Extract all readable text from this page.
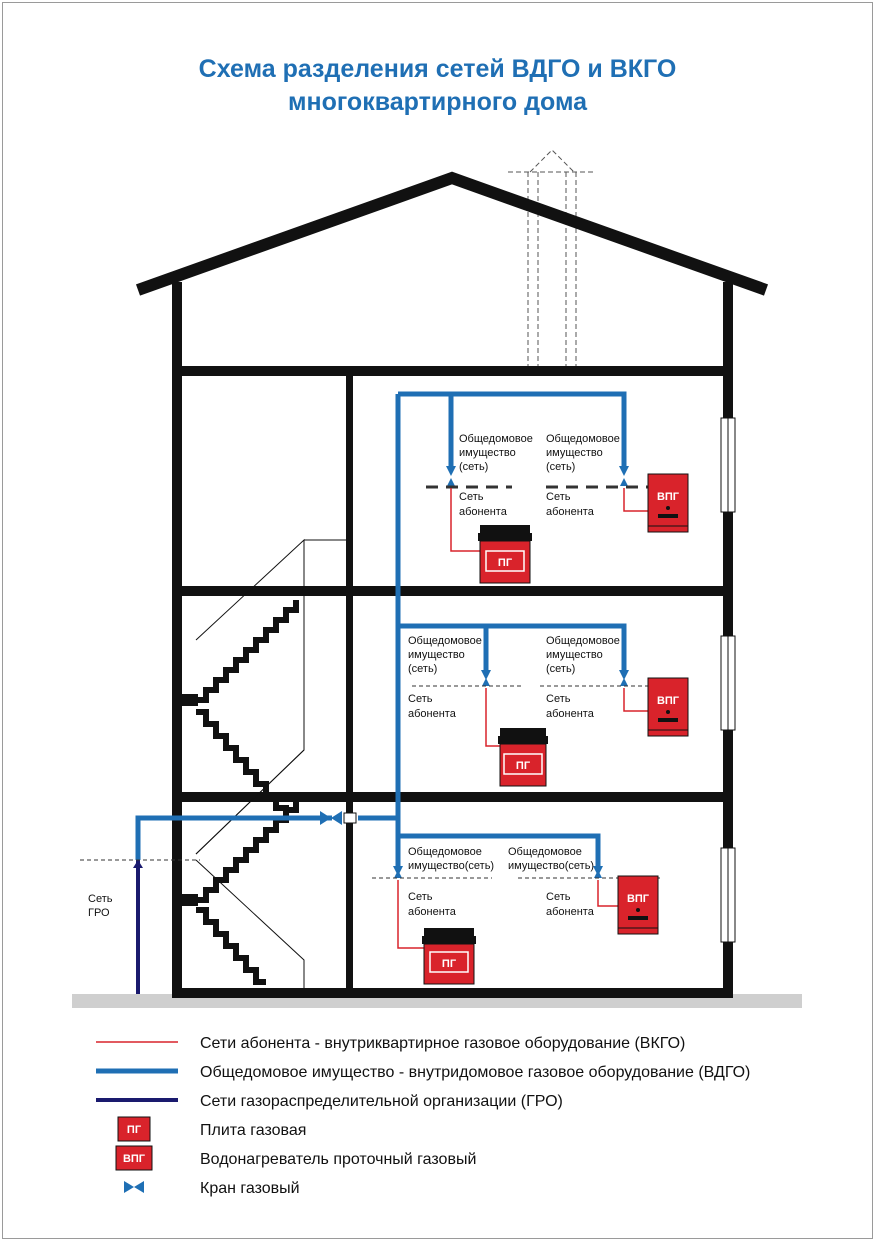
Схема разделения сетей ВДГО и ВКГО
многоквартирного дома
ПГ
ПГ
ПГ
ВПГ
ВПГ
ВПГ
Общедомовое
имущество
(сеть)
Общедомовое
имущество
(сеть)
Сеть
абонента
Сеть
абонента
Общедомовое
имущество
(сеть)
Общедомовое
имущество
(сеть)
Сеть
абонента
Сеть
абонента
Общедомовое
имущество(сеть)
Общедомовое
имущество(сеть)
Сеть
абонента
Сеть
абонента
Сеть
ГРО
Сети абонента - внутриквартирное газовое оборудование (ВКГО)
Общедомовое имущество - внутридомовое газовое оборудование (ВДГО)
Сети газораспределительной организации (ГРО)
ПГ	Плита газовая
ВПГ	Водонагреватель проточный газовый
Кран газовый
